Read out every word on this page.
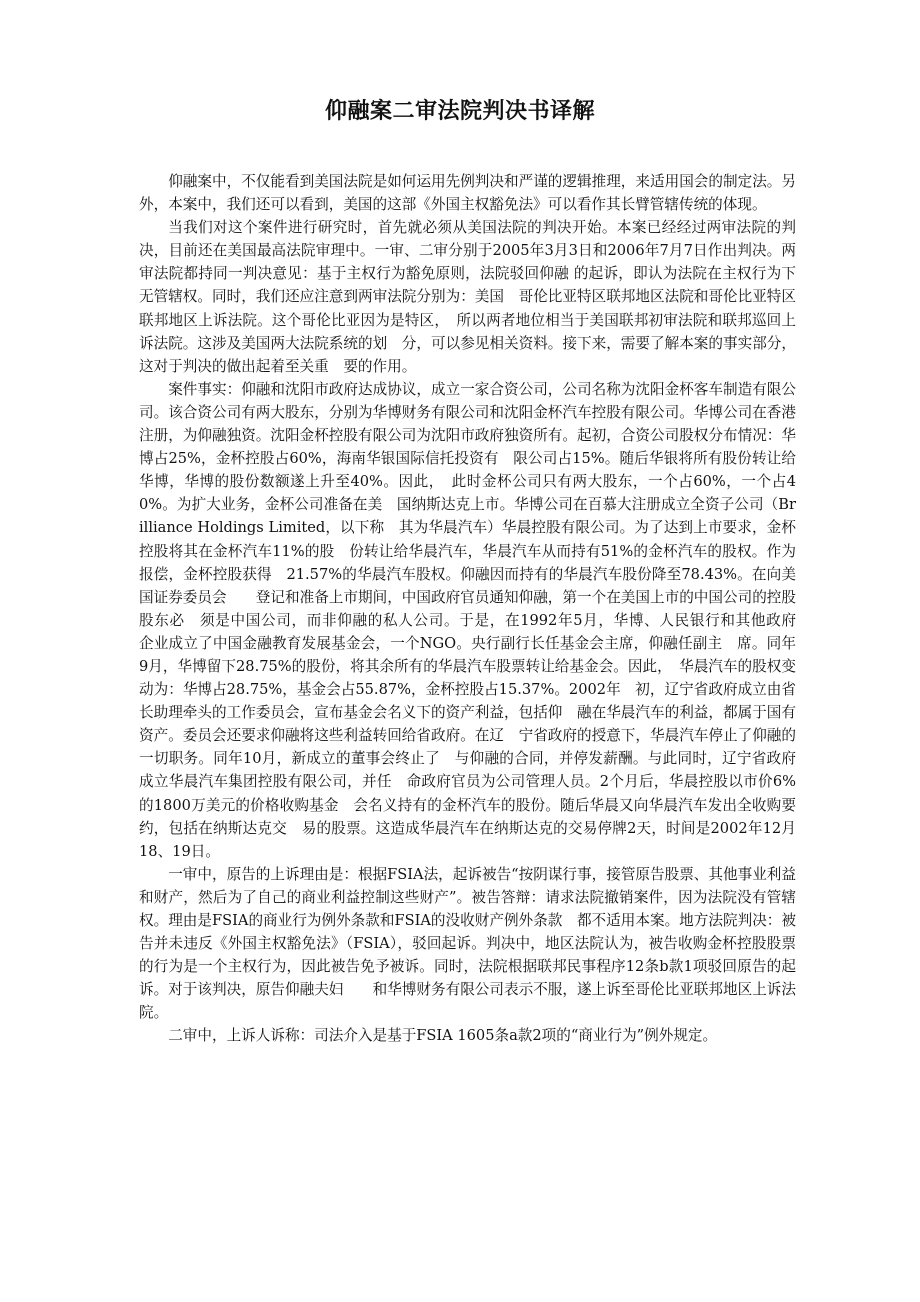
仰融案二审法院判决书译解

仰融案中，不仅能看到美国法院是如何运用先例判决和严谨的逻辑推理，来适用国会的制定法。另外，本案中，我们还可以看到，美国的这部《外国主权豁免法》可以看作其长臂管辖传统的体现。

当我们对这个案件进行研究时，首先就必须从美国法院的判决开始。本案已经经过两审法院的判决，目前还在美国最高法院审理中。一审、二审分别于2005年3月3日和2006年7月7日作出判决。两审法院都持同一判决意见：基于主权行为豁免原则，法院驳回仰融 的起诉，即认为法院在主权行为下无管辖权。同时，我们还应注意到两审法院分别为：美国　哥伦比亚特区联邦地区法院和哥伦比亚特区联邦地区上诉法院。这个哥伦比亚因为是特区，　所以两者地位相当于美国联邦初审法院和联邦巡回上诉法院。这涉及美国两大法院系统的划　分，可以参见相关资料。接下来，需要了解本案的事实部分，这对于判决的做出起着至关重　要的作用。

案件事实：仰融和沈阳市政府达成协议，成立一家合资公司，公司名称为沈阳金杯客车制造有限公司。该合资公司有两大股东，分别为华博财务有限公司和沈阳金杯汽车控股有限公司。华博公司在香港注册，为仰融独资。沈阳金杯控股有限公司为沈阳市政府独资所有。起初，合资公司股权分布情况：华博占25%，金杯控股占60%，海南华银国际信托投资有　限公司占15%。随后华银将所有股份转让给华博，华博的股份数额遂上升至40%。因此，　此时金杯公司只有两大股东，一个占60%，一个占40%。为扩大业务，金杯公司准备在美　国纳斯达克上市。华博公司在百慕大注册成立全资子公司（Brilliance Holdings Limited，以下称　其为华晨汽车）华晨控股有限公司。为了达到上市要求，金杯控股将其在金杯汽车11%的股　份转让给华晨汽车，华晨汽车从而持有51%的金杯汽车的股权。作为报偿，金杯控股获得　21.57%的华晨汽车股权。仰融因而持有的华晨汽车股份降至78.43%。在向美国证券委员会　　登记和准备上市期间，中国政府官员通知仰融，第一个在美国上市的中国公司的控股股东必　须是中国公司，而非仰融的私人公司。于是，在1992年5月，华博、人民银行和其他政府　企业成立了中国金融教育发展基金会，一个NGO。央行副行长任基金会主席，仰融任副主　席。同年9月，华博留下28.75%的股份，将其余所有的华晨汽车股票转让给基金会。因此，　华晨汽车的股权变动为：华博占28.75%，基金会占55.87%，金杯控股占15.37%。2002年　初，辽宁省政府成立由省长助理牵头的工作委员会，宣布基金会名义下的资产利益，包括仰　融在华晨汽车的利益，都属于国有资产。委员会还要求仰融将这些利益转回给省政府。在辽　宁省政府的授意下，华晨汽车停止了仰融的一切职务。同年10月，新成立的董事会终止了　与仰融的合同，并停发薪酬。与此同时，辽宁省政府成立华晨汽车集团控股有限公司，并任　命政府官员为公司管理人员。2个月后，华晨控股以市价6%的1800万美元的价格收购基金　会名义持有的金杯汽车的股份。随后华晨又向华晨汽车发出全收购要约，包括在纳斯达克交　易的股票。这造成华晨汽车在纳斯达克的交易停牌2天，时间是2002年12月18、19日。

一审中，原告的上诉理由是：根据FSIA法，起诉被告“按阴谋行事，接管原告股票、其他事业利益和财产，然后为了自己的商业利益控制这些财产”。被告答辩：请求法院撤销案件，因为法院没有管辖权。理由是FSIA的商业行为例外条款和FSIA的没收财产例外条款　都不适用本案。地方法院判决：被告并未违反《外国主权豁免法》（FSIA），驳回起诉。判决中，地区法院认为，被告收购金杯控股股票的行为是一个主权行为，因此被告免予被诉。同时，法院根据联邦民事程序12条b款1项驳回原告的起诉。对于该判决，原告仰融夫妇　　和华博财务有限公司表示不服，遂上诉至哥伦比亚联邦地区上诉法院。

二审中，上诉人诉称：司法介入是基于FSIA 1605条a款2项的“商业行为”例外规定。
